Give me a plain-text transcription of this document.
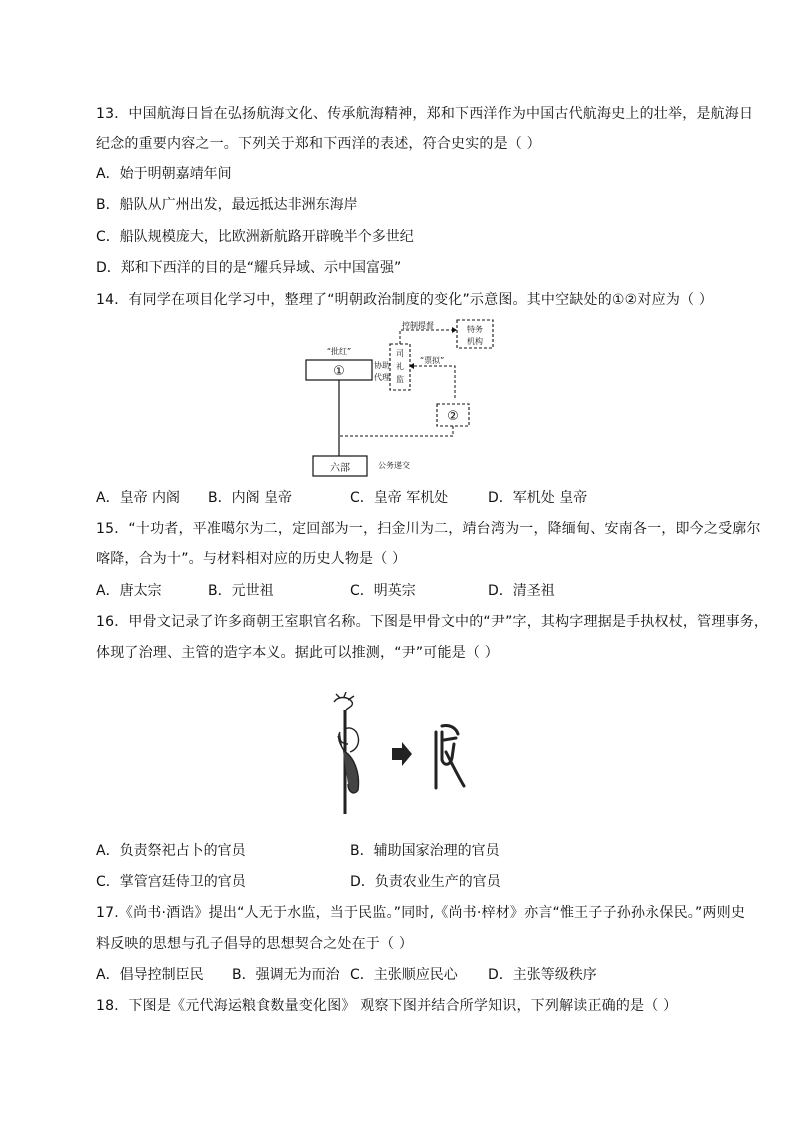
13．中国航海日旨在弘扬航海文化、传承航海精神，郑和下西洋作为中国古代航海史上的壮举，是航海日
纪念的重要内容之一。下列关于郑和下西洋的表述，符合史实的是（ ）
A．始于明朝嘉靖年间
B．船队从广州出发，最远抵达非洲东海岸
C．船队规模庞大，比欧洲新航路开辟晚半个多世纪
D．郑和下西洋的目的是“耀兵异域、示中国富强”
14．有同学在项目化学习中，整理了“明朝政治制度的变化”示意图。其中空缺处的①②对应为（ ）
①
“批红”
六部	公务递交
协助
代理
司
礼
监
控制提督	特务
机构
“票拟”
②
A．皇帝 内阁 B．内阁 皇帝	C．皇帝 军机处	D．军机处 皇帝
15．“十功者，平准噶尔为二，定回部为一，扫金川为二，靖台湾为一，降缅甸、安南各一，即今之受廓尔
喀降，合为十”。与材料相对应的历史人物是（ ）
A．唐太宗	B．元世祖	C．明英宗	D．清圣祖
16．甲骨文记录了许多商朝王室职官名称。下图是甲骨文中的“尹”字，其构字理据是手执权杖，管理事务，
体现了治理、主管的造字本义。据此可以推测，“尹”可能是（ ）
A．负责祭祀占卜的官员	B．辅助国家治理的官员
C．掌管宫廷侍卫的官员	D．负责农业生产的官员
17.《尚书·酒诰》提出“人无于水监，当于民监。”同时,《尚书·梓材》亦言“惟王子子孙孙永保民。”两则史
料反映的思想与孔子倡导的思想契合之处在于（ ）
A．倡导控制臣民 B．强调无为而治 C．主张顺应民心 D．主张等级秩序
18．下图是《元代海运粮食数量变化图》 观察下图并结合所学知识，下列解读正确的是（ ）
